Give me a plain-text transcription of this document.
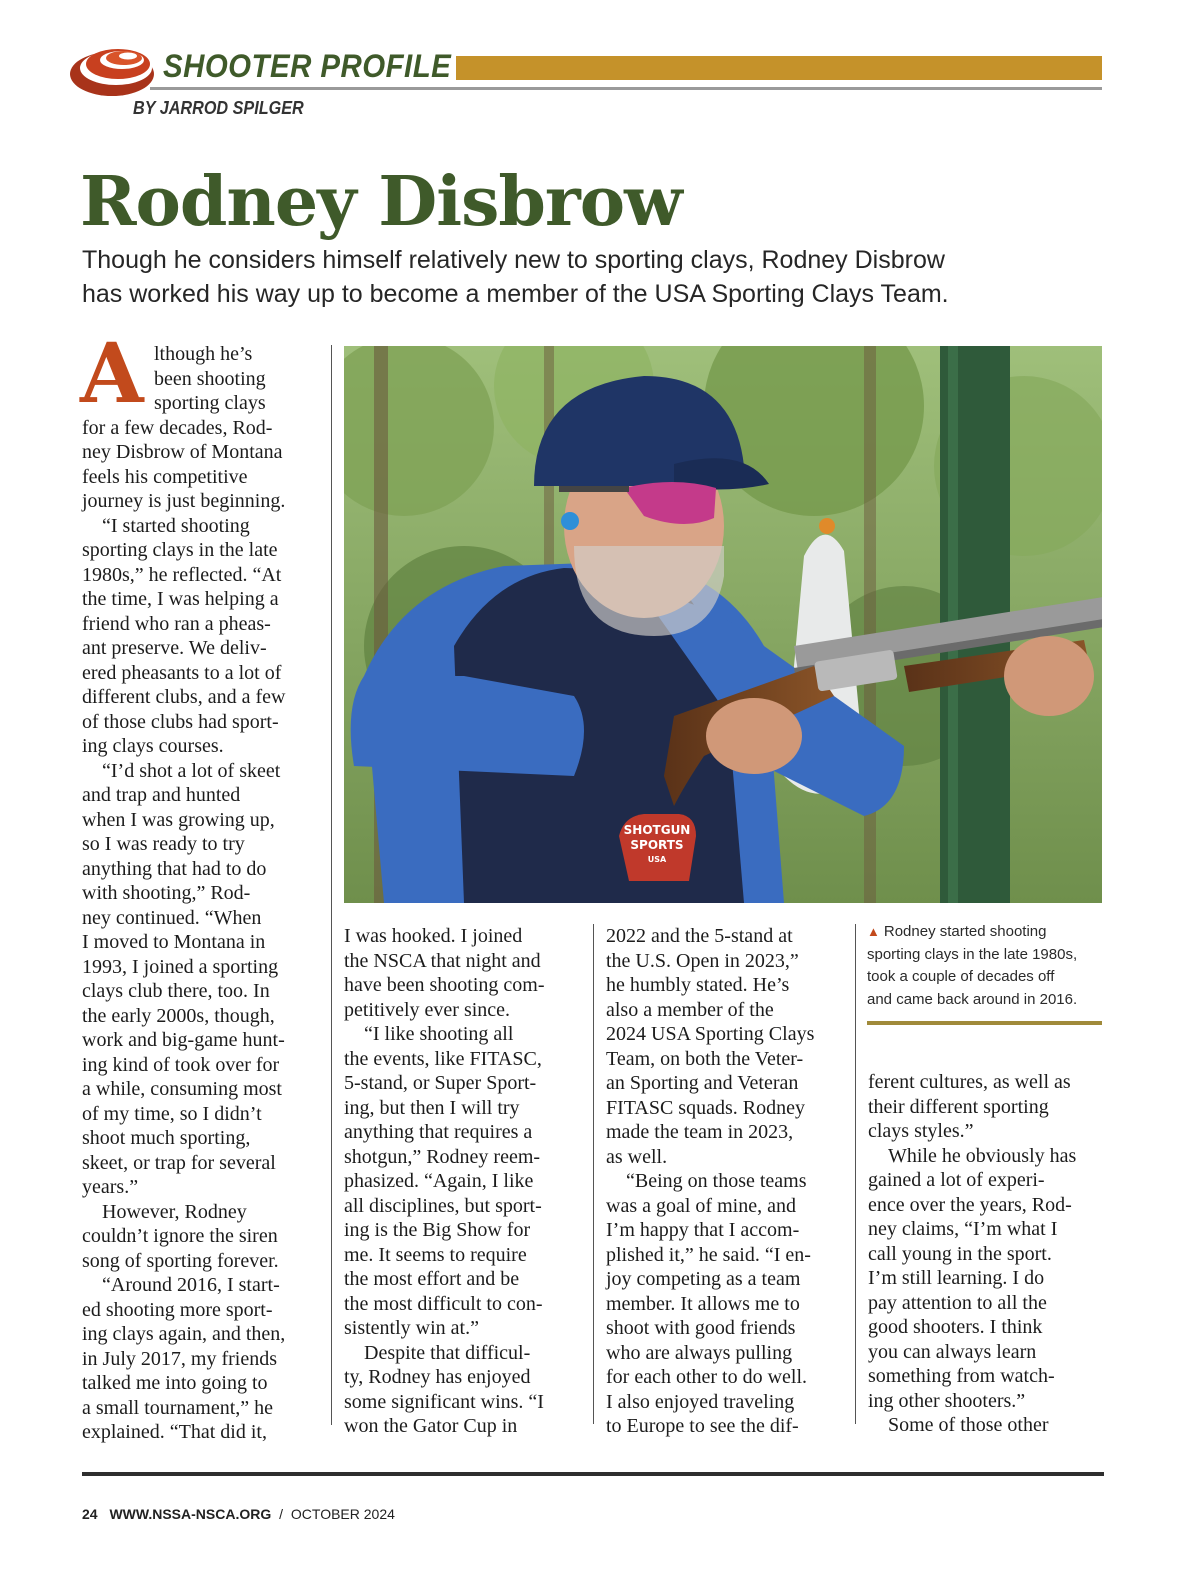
SHOOTER PROFILE
BY JARROD SPILGER
Rodney Disbrow
Though he considers himself relatively new to sporting clays, Rodney Disbrow
has worked his way up to become a member of the USA Sporting Clays Team.
A lthough he’s
been shooting
sporting clays
for a few decades, Rod-
ney Disbrow of Montana
feels his competitive
journey is just beginning.
 “I started shooting
sporting clays in the late
1980s,” he reflected. “At
the time, I was helping a
friend who ran a pheas-
ant preserve. We deliv-
ered pheasants to a lot of
different clubs, and a few
of those clubs had sport-
ing clays courses.
 “I’d shot a lot of skeet
and trap and hunted
when I was growing up,
so I was ready to try
anything that had to do
with shooting,” Rod-
ney continued. “When
I moved to Montana in
1993, I joined a sporting
clays club there, too. In
the early 2000s, though,
work and big-game hunt-
ing kind of took over for
a while, consuming most
of my time, so I didn’t
shoot much sporting,
skeet, or trap for several
years.”
 However, Rodney
couldn’t ignore the siren
song of sporting forever.
 “Around 2016, I start-
ed shooting more sport-
ing clays again, and then,
in July 2017, my friends
talked me into going to
a small tournament,” he
explained. “That did it,
I was hooked. I joined
the NSCA that night and
have been shooting com-
petitively ever since.
 “I like shooting all
the events, like FITASC,
5-stand, or Super Sport-
ing, but then I will try
anything that requires a
shotgun,” Rodney reem-
phasized. “Again, I like
all disciplines, but sport-
ing is the Big Show for
me. It seems to require
the most effort and be
the most difficult to con-
sistently win at.”
 Despite that difficul-
ty, Rodney has enjoyed
some significant wins. “I
won the Gator Cup in
2022 and the 5-stand at
the U.S. Open in 2023,”
he humbly stated. He’s
also a member of the
2024 USA Sporting Clays
Team, on both the Veter-
an Sporting and Veteran
FITASC squads. Rodney
made the team in 2023,
as well.
 “Being on those teams
was a goal of mine, and
I’m happy that I accom-
plished it,” he said. “I en-
joy competing as a team
member. It allows me to
shoot with good friends
who are always pulling
for each other to do well.
I also enjoyed traveling
to Europe to see the dif-
ferent cultures, as well as
their different sporting
clays styles.”
 While he obviously has
gained a lot of experi-
ence over the years, Rod-
ney claims, “I’m what I
call young in the sport.
I’m still learning. I do
pay attention to all the
good shooters. I think
you can always learn
something from watch-
ing other shooters.”
 Some of those other
SHOTGUN
SPORTS
USA
▲ Rodney started shooting
sporting clays in the late 1980s,
took a couple of decades off
and came back around in 2016.
24 WWW.NSSA-NSCA.ORG / OCTOBER 2024
